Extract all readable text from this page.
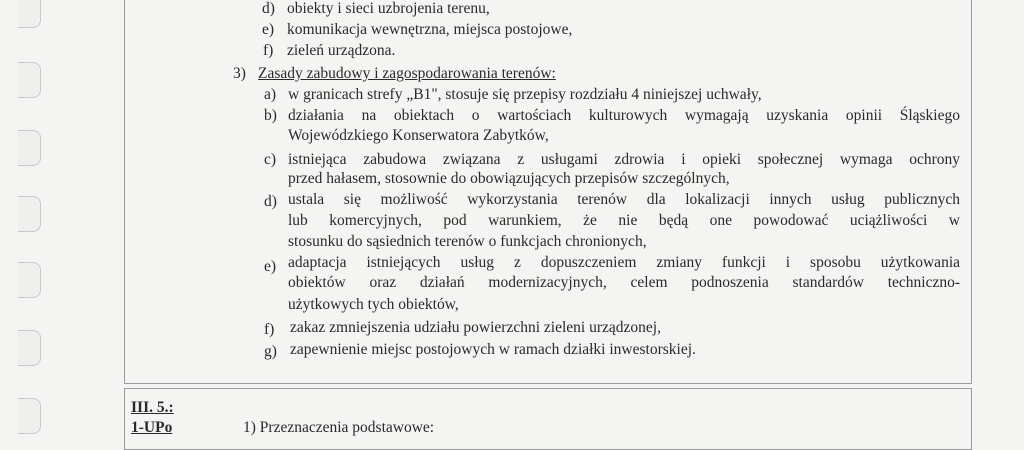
d) obiekty i sieci uzbrojenia terenu,
e) komunikacja wewnętrzna, miejsca postojowe,
f) zieleń urządzona.
3) Zasady zabudowy i zagospodarowania terenów:
a) w granicach strefy „B1", stosuje się przepisy rozdziału 4 niniejszej uchwały,
b) działania na obiektach o wartościach kulturowych wymagają uzyskania opinii Śląskiego
Wojewódzkiego Konserwatora Zabytków,
c) istniejąca zabudowa związana z usługami zdrowia i opieki społecznej wymaga ochrony
przed hałasem, stosownie do obowiązujących przepisów szczególnych,
d) ustala się możliwość wykorzystania terenów dla lokalizacji innych usług publicznych
lub komercyjnych, pod warunkiem, że nie będą one powodować uciążliwości w
stosunku do sąsiednich terenów o funkcjach chronionych,
e) adaptacja istniejących usług z dopuszczeniem zmiany funkcji i sposobu użytkowania
obiektów oraz działań modernizacyjnych, celem podnoszenia standardów techniczno-
użytkowych tych obiektów,
f) zakaz zmniejszenia udziału powierzchni zieleni urządzonej,
g) zapewnienie miejsc postojowych w ramach działki inwestorskiej.
III. 5.:
1-UPo	1) Przeznaczenia podstawowe:
